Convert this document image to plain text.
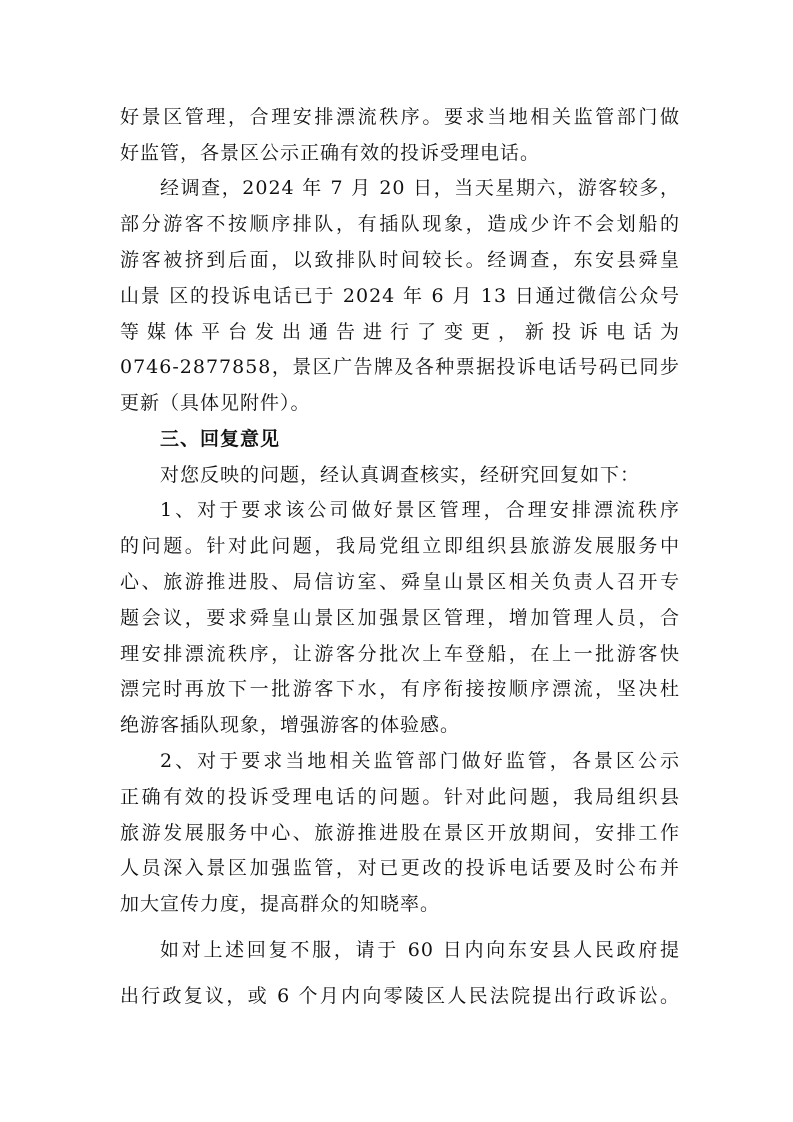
好景区管理，合理安排漂流秩序。要求当地相关监管部门做
好监管，各景区公示正确有效的投诉受理电话。
经调查，2024 年 7 月 20 日，当天星期六，游客较多，
部分游客不按顺序排队，有插队现象，造成少许不会划船的
游客被挤到后面，以致排队时间较长。经调查，东安县舜皇
山景 区的投诉电话已于 2024 年 6 月 13 日通过微信公众号
等媒体平台发出通告进行了变更，新投诉电话为
0746-2877858，景区广告牌及各种票据投诉电话号码已同步
更新（具体见附件）。
三、回复意见
对您反映的问题，经认真调查核实，经研究回复如下：
1、对于要求该公司做好景区管理，合理安排漂流秩序
的问题。针对此问题，我局党组立即组织县旅游发展服务中
心、旅游推进股、局信访室、舜皇山景区相关负责人召开专
题会议，要求舜皇山景区加强景区管理，增加管理人员，合
理安排漂流秩序，让游客分批次上车登船，在上一批游客快
漂完时再放下一批游客下水，有序衔接按顺序漂流，坚决杜
绝游客插队现象，增强游客的体验感。
2、对于要求当地相关监管部门做好监管，各景区公示
正确有效的投诉受理电话的问题。针对此问题，我局组织县
旅游发展服务中心、旅游推进股在景区开放期间，安排工作
人员深入景区加强监管，对已更改的投诉电话要及时公布并
加大宣传力度，提高群众的知晓率。
如对上述回复不服，请于 60 日内向东安县人民政府提
出行政复议，或 6 个月内向零陵区人民法院提出行政诉讼。
